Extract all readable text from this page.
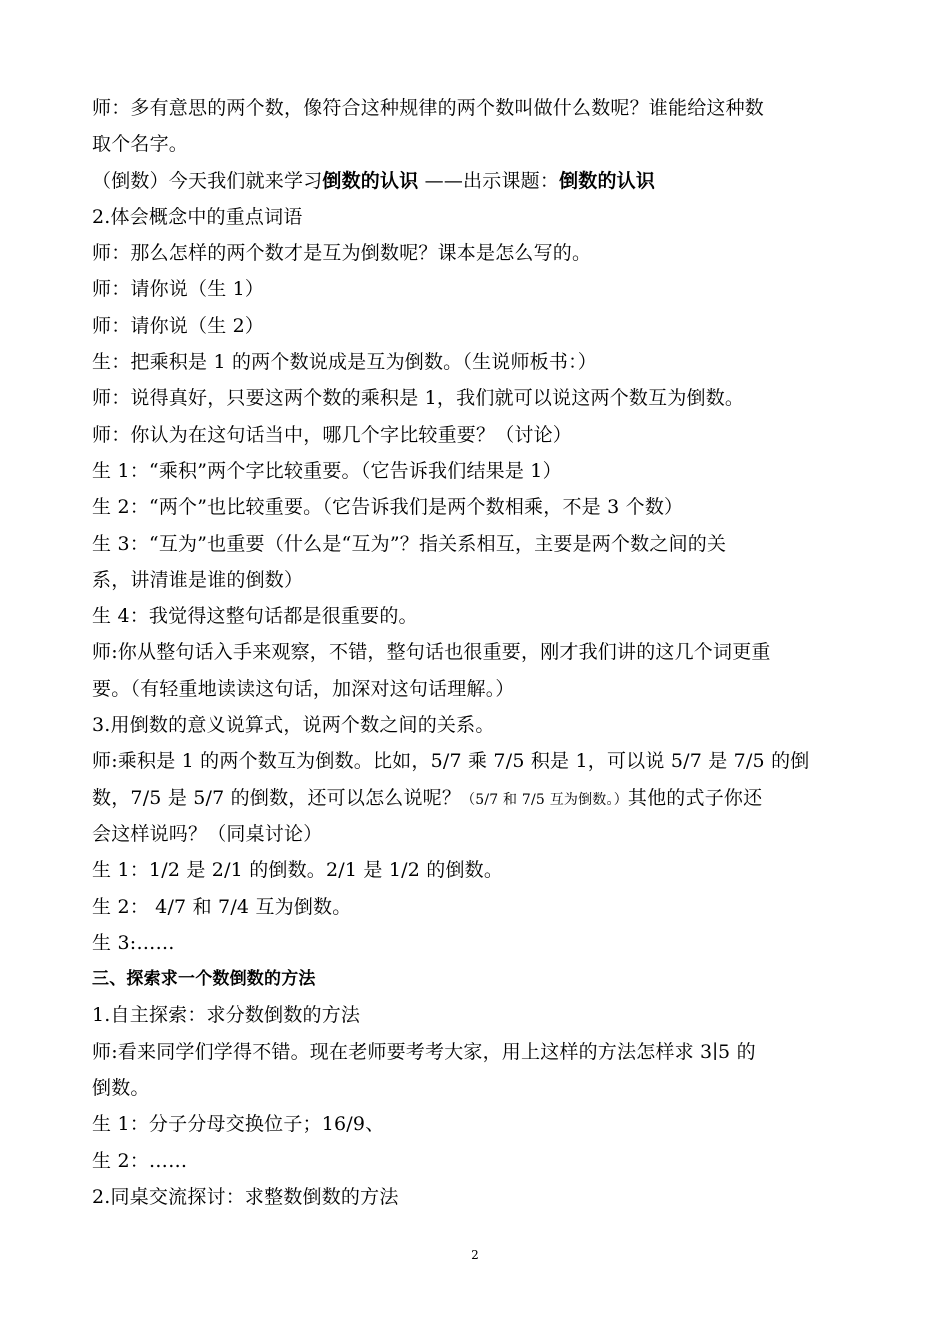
师：多有意思的两个数，像符合这种规律的两个数叫做什么数呢？谁能给这种数
取个名字。
（倒数）今天我们就来学习倒数的认识 ——出示课题：倒数的认识
2.体会概念中的重点词语
师：那么怎样的两个数才是互为倒数呢？课本是怎么写的。
师：请你说（生 1）
师：请你说（生 2）
生：把乘积是 1 的两个数说成是互为倒数。（生说师板书：）
师：说得真好，只要这两个数的乘积是 1，我们就可以说这两个数互为倒数。
师：你认为在这句话当中，哪几个字比较重要？（讨论）
生 1：“乘积”两个字比较重要。（它告诉我们结果是 1）
生 2：“两个”也比较重要。（它告诉我们是两个数相乘，不是 3 个数）
生 3：“互为”也重要（什么是“互为”？指关系相互，主要是两个数之间的关
系，讲清谁是谁的倒数）
生 4：我觉得这整句话都是很重要的。
师:你从整句话入手来观察，不错，整句话也很重要，刚才我们讲的这几个词更重
要。（有轻重地读读这句话，加深对这句话理解。）
3.用倒数的意义说算式，说两个数之间的关系。
师:乘积是 1 的两个数互为倒数。比如，5/7 乘 7/5 积是 1，可以说 5/7 是 7/5 的倒
数，7/5 是 5/7 的倒数，还可以怎么说呢？（5/7 和 7/5 互为倒数。）其他的式子你还
会这样说吗？（同桌讨论）
生 1：1/2 是 2/1 的倒数。2/1 是 1/2 的倒数。
生 2： 4/7 和 7/4 互为倒数。
生 3:……
三、探索求一个数倒数的方法
1.自主探索：求分数倒数的方法
师:看来同学们学得不错。现在老师要考考大家，用上这样的方法怎样求 3∣5 的
倒数。
生 1：分子分母交换位子；16/9、
生 2：……
2.同桌交流探讨：求整数倒数的方法
2
